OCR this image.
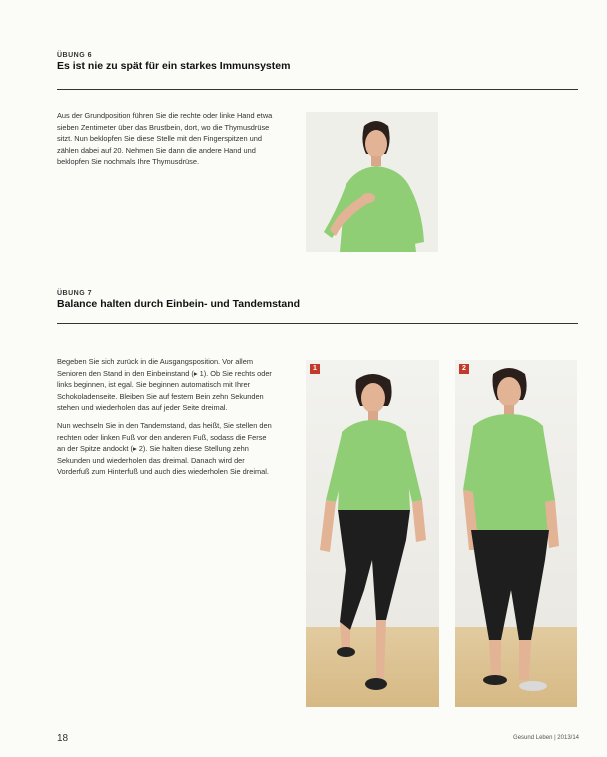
ÜBUNG 6
Es ist nie zu spät für ein starkes Immunsystem

Aus der Grundposition führen Sie die rechte oder linke Hand etwa sieben Zentimeter über das Brustbein, dort, wo die Thymusdrüse sitzt. Nun beklopfen Sie diese Stelle mit den Fingerspitzen und zählen dabei auf 20. Nehmen Sie dann die andere Hand und beklopfen Sie nochmals Ihre Thymusdrüse.

ÜBUNG 7
Balance halten durch Einbein- und Tandemstand

Begeben Sie sich zurück in die Ausgangsposition. Vor allem Senioren den Stand in den Einbeinstand (▸ 1). Ob Sie rechts oder links beginnen, ist egal. Sie beginnen automatisch mit Ihrer Schokoladenseite. Bleiben Sie auf festem Bein zehn Sekunden stehen und wiederholen das auf jeder Seite dreimal.

Nun wechseln Sie in den Tandemstand, das heißt, Sie stellen den rechten oder linken Fuß vor den anderen Fuß, sodass die Ferse an der Spitze andockt (▸ 2). Sie halten diese Stellung zehn Sekunden und wiederholen das dreimal. Danach wird der Vorderfuß zum Hinterfuß und auch dies wiederholen Sie dreimal.

1	2
18	Gesund Leben | 2013/14
